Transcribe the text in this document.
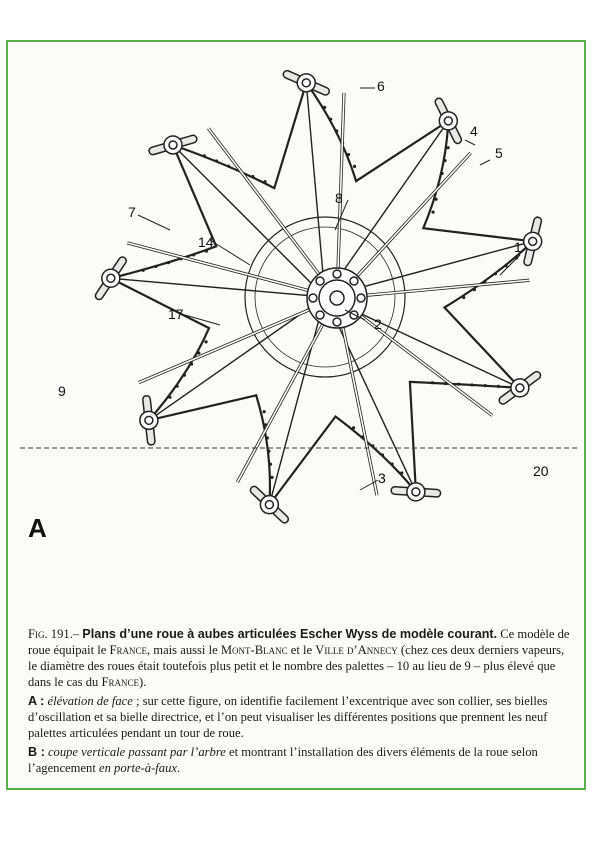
6
4
5
8
7
14	1
17
2
9
3	20
A

Fig. 191.– Plans d’une roue à aubes articulées Escher Wyss de modèle courant. Ce modèle de roue équipait le France, mais aussi le Mont-Blanc et le Ville d’Annecy (chez ces deux derniers vapeurs, le diamètre des roues était toutefois plus petit et le nombre des palettes – 10 au lieu de 9 – plus élevé que dans le cas du France).

A : élévation de face ; sur cette figure, on identifie facilement l’excentrique avec son collier, ses bielles d’oscillation et sa bielle directrice, et l’on peut visualiser les différentes positions que prennent les neuf palettes articulées pendant un tour de roue.

B : coupe verticale passant par l’arbre et montrant l’installation des divers éléments de la roue selon l’agencement en porte-à-faux.
